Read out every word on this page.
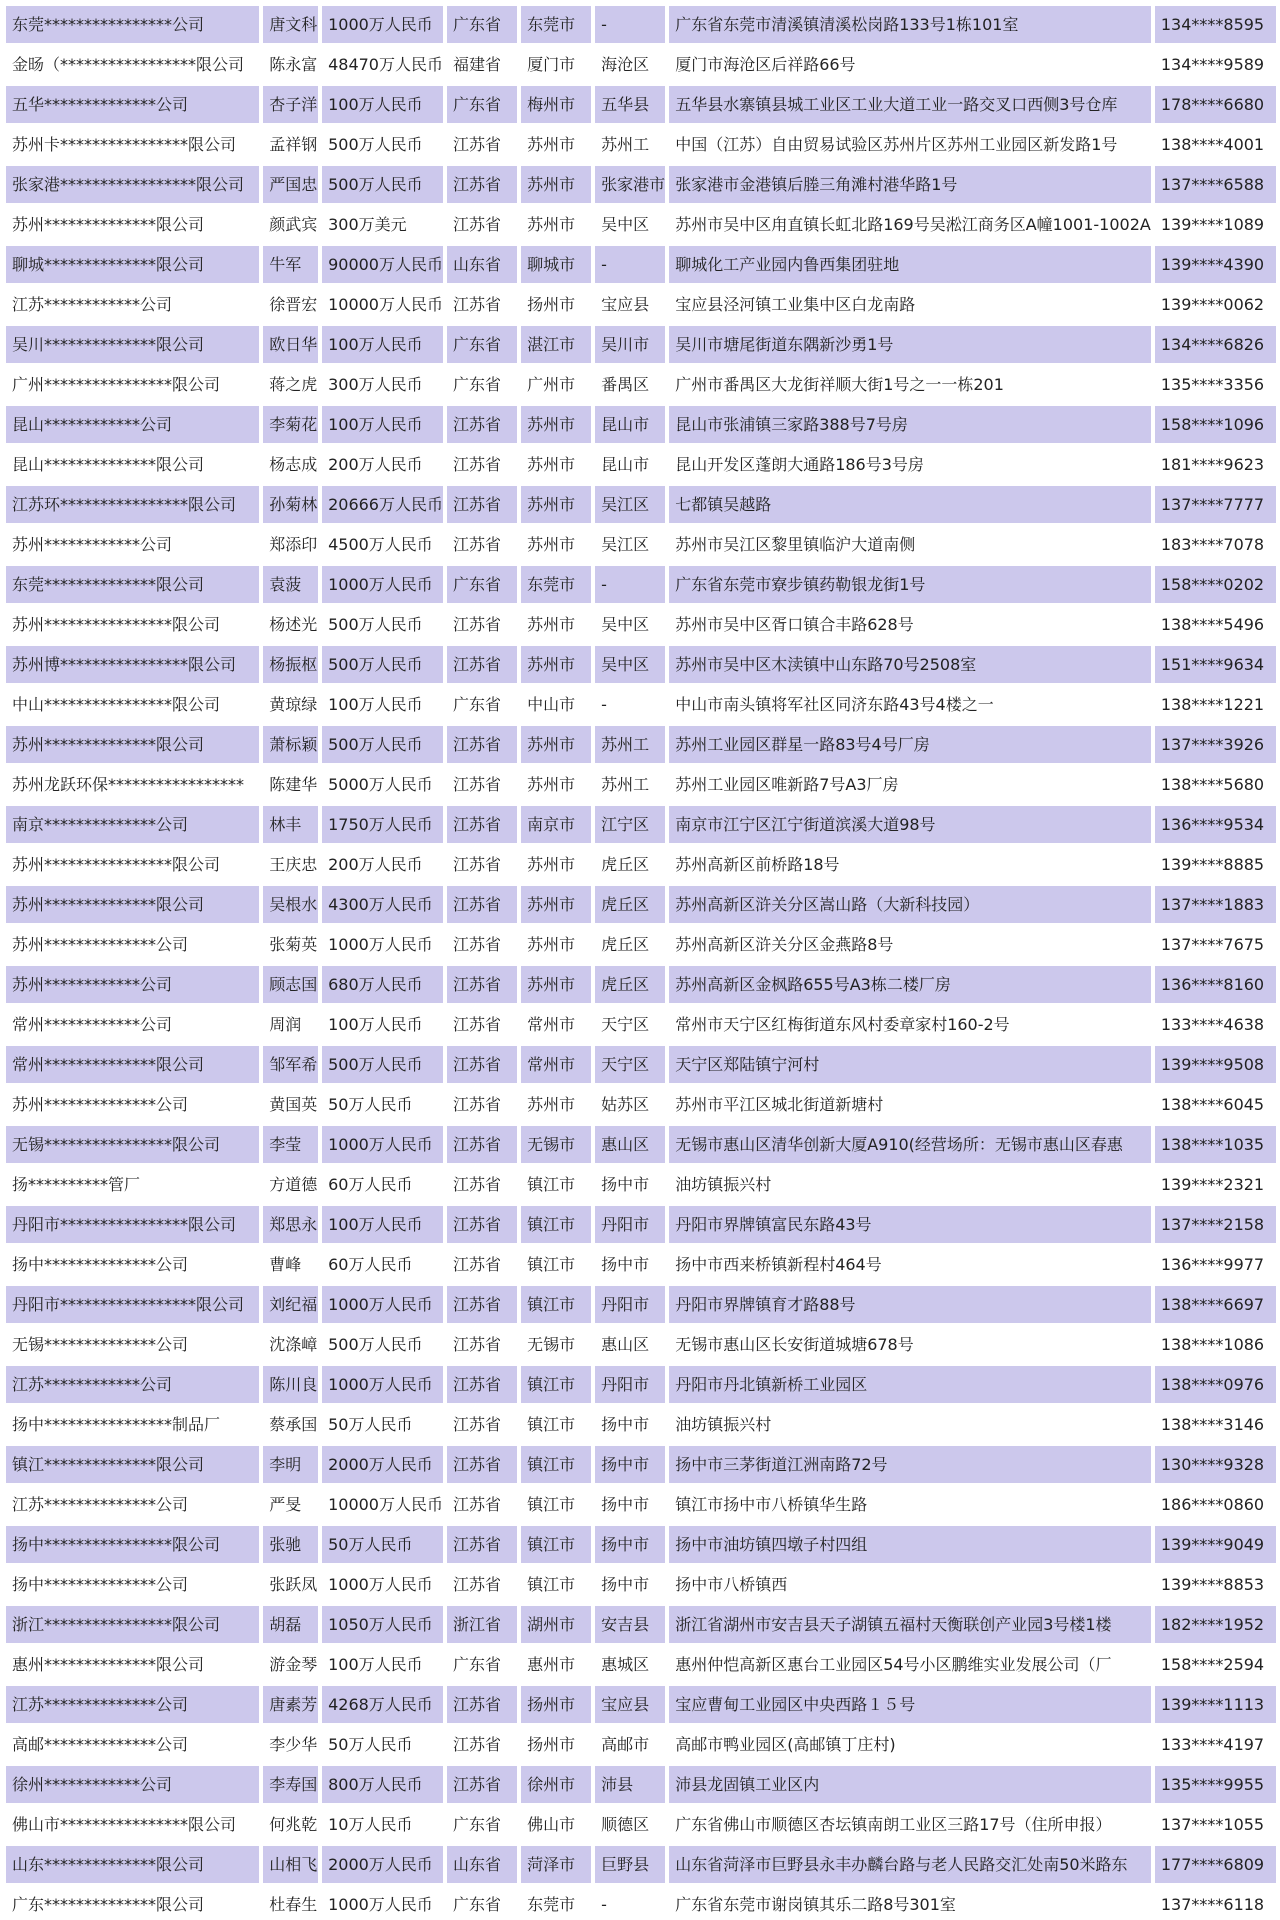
东莞****************公司	唐文科	1000万人民币	广东省	东莞市	-	广东省东莞市清溪镇清溪松岗路133号1栋101室	134****8595
金旸（*****************限公司	陈永富	48470万人民币	福建省	厦门市	海沧区	厦门市海沧区后祥路66号	134****9589
五华**************公司	杏子洋	100万人民币	广东省	梅州市	五华县	五华县水寨镇县城工业区工业大道工业一路交叉口西侧3号仓库	178****6680
苏州卡****************限公司	孟祥钢	500万人民币	江苏省	苏州市	苏州工	中国（江苏）自由贸易试验区苏州片区苏州工业园区新发路1号	138****4001
张家港*****************限公司	严国忠	500万人民币	江苏省	苏州市	张家港市	张家港市金港镇后塍三角滩村港华路1号	137****6588
苏州**************限公司	颜武宾	300万美元	江苏省	苏州市	吴中区	苏州市吴中区甪直镇长虹北路169号吴淞江商务区A幢1001-1002A	139****1089
聊城**************限公司	牛军	90000万人民币	山东省	聊城市	-	聊城化工产业园内鲁西集团驻地	139****4390
江苏************公司	徐晋宏	10000万人民币	江苏省	扬州市	宝应县	宝应县泾河镇工业集中区白龙南路	139****0062
吴川**************限公司	欧日华	100万人民币	广东省	湛江市	吴川市	吴川市塘尾街道东隅新沙勇1号	134****6826
广州****************限公司	蒋之虎	300万人民币	广东省	广州市	番禺区	广州市番禺区大龙街祥顺大街1号之一一栋201	135****3356
昆山************公司	李菊花	100万人民币	江苏省	苏州市	昆山市	昆山市张浦镇三家路388号7号房	158****1096
昆山**************限公司	杨志成	200万人民币	江苏省	苏州市	昆山市	昆山开发区蓬朗大通路186号3号房	181****9623
江苏环****************限公司	孙菊林	20666万人民币	江苏省	苏州市	吴江区	七都镇吴越路	137****7777
苏州************公司	郑添印	4500万人民币	江苏省	苏州市	吴江区	苏州市吴江区黎里镇临沪大道南侧	183****7078
东莞**************限公司	袁菠	1000万人民币	广东省	东莞市	-	广东省东莞市寮步镇药勒银龙街1号	158****0202
苏州****************限公司	杨述光	500万人民币	江苏省	苏州市	吴中区	苏州市吴中区胥口镇合丰路628号	138****5496
苏州博****************限公司	杨振枢	500万人民币	江苏省	苏州市	吴中区	苏州市吴中区木渎镇中山东路70号2508室	151****9634
中山****************限公司	黄琼绿	100万人民币	广东省	中山市	-	中山市南头镇将军社区同济东路43号4楼之一	138****1221
苏州**************限公司	萧标颖	500万人民币	江苏省	苏州市	苏州工	苏州工业园区群星一路83号4号厂房	137****3926
苏州龙跃环保*****************	陈建华	5000万人民币	江苏省	苏州市	苏州工	苏州工业园区唯新路7号A3厂房	138****5680
南京**************公司	林丰	1750万人民币	江苏省	南京市	江宁区	南京市江宁区江宁街道滨溪大道98号	136****9534
苏州****************限公司	王庆忠	200万人民币	江苏省	苏州市	虎丘区	苏州高新区前桥路18号	139****8885
苏州**************限公司	吴根水	4300万人民币	江苏省	苏州市	虎丘区	苏州高新区浒关分区嵩山路（大新科技园）	137****1883
苏州**************公司	张菊英	1000万人民币	江苏省	苏州市	虎丘区	苏州高新区浒关分区金燕路8号	137****7675
苏州************公司	顾志国	680万人民币	江苏省	苏州市	虎丘区	苏州高新区金枫路655号A3栋二楼厂房	136****8160
常州************公司	周润	100万人民币	江苏省	常州市	天宁区	常州市天宁区红梅街道东风村委章家村160-2号	133****4638
常州**************限公司	邹军希	500万人民币	江苏省	常州市	天宁区	天宁区郑陆镇宁河村	139****9508
苏州**************公司	黄国英	50万人民币	江苏省	苏州市	姑苏区	苏州市平江区城北街道新塘村	138****6045
无锡****************限公司	李莹	1000万人民币	江苏省	无锡市	惠山区	无锡市惠山区清华创新大厦A910(经营场所：无锡市惠山区春惠	138****1035
扬**********管厂	方道德	60万人民币	江苏省	镇江市	扬中市	油坊镇振兴村	139****2321
丹阳市****************限公司	郑思永	100万人民币	江苏省	镇江市	丹阳市	丹阳市界牌镇富民东路43号	137****2158
扬中**************公司	曹峰	60万人民币	江苏省	镇江市	扬中市	扬中市西来桥镇新程村464号	136****9977
丹阳市*****************限公司	刘纪福	1000万人民币	江苏省	镇江市	丹阳市	丹阳市界牌镇育才路88号	138****6697
无锡**************公司	沈涤嶂	500万人民币	江苏省	无锡市	惠山区	无锡市惠山区长安街道城塘678号	138****1086
江苏************公司	陈川良	1000万人民币	江苏省	镇江市	丹阳市	丹阳市丹北镇新桥工业园区	138****0976
扬中****************制品厂	蔡承国	50万人民币	江苏省	镇江市	扬中市	油坊镇振兴村	138****3146
镇江**************限公司	李明	2000万人民币	江苏省	镇江市	扬中市	扬中市三茅街道江洲南路72号	130****9328
江苏**************公司	严旻	10000万人民币	江苏省	镇江市	扬中市	镇江市扬中市八桥镇华生路	186****0860
扬中****************限公司	张驰	50万人民币	江苏省	镇江市	扬中市	扬中市油坊镇四墩子村四组	139****9049
扬中**************公司	张跃凤	1000万人民币	江苏省	镇江市	扬中市	扬中市八桥镇西	139****8853
浙江****************限公司	胡磊	1050万人民币	浙江省	湖州市	安吉县	浙江省湖州市安吉县天子湖镇五福村天衡联创产业园3号楼1楼	182****1952
惠州**************限公司	游金琴	100万人民币	广东省	惠州市	惠城区	惠州仲恺高新区惠台工业园区54号小区鹏维实业发展公司（厂	158****2594
江苏**************公司	唐素芳	4268万人民币	江苏省	扬州市	宝应县	宝应曹甸工业园区中央西路１５号	139****1113
高邮**************公司	李少华	50万人民币	江苏省	扬州市	高邮市	高邮市鸭业园区(高邮镇丁庄村)	133****4197
徐州************公司	李寿国	800万人民币	江苏省	徐州市	沛县	沛县龙固镇工业区内	135****9955
佛山市****************限公司	何兆乾	10万人民币	广东省	佛山市	顺德区	广东省佛山市顺德区杏坛镇南朗工业区三路17号（住所申报）	137****1055
山东**************限公司	山相飞	2000万人民币	山东省	菏泽市	巨野县	山东省菏泽市巨野县永丰办麟台路与老人民路交汇处南50米路东	177****6809
广东**************限公司	杜春生	1000万人民币	广东省	东莞市	-	广东省东莞市谢岗镇其乐二路8号301室	137****6118
